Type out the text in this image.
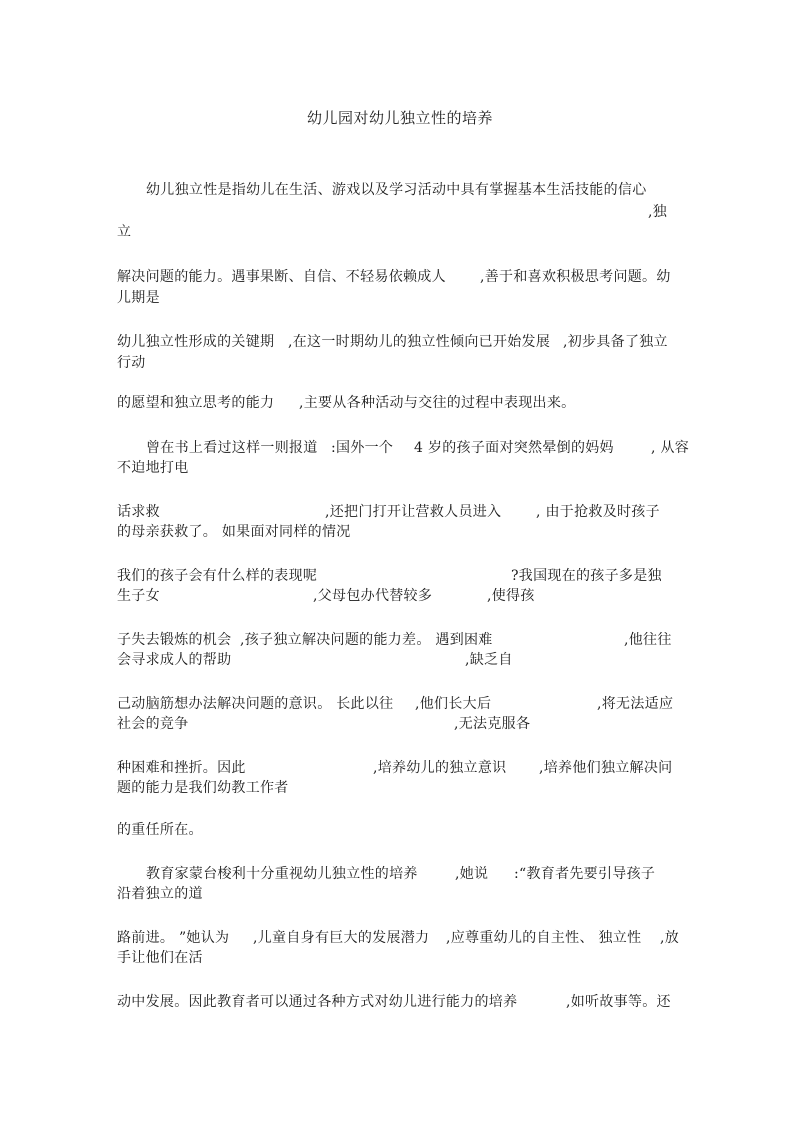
幼儿园对幼儿独立性的培养
幼儿独立性是指幼儿在生活、游戏以及学习活动中具有掌握基本生活技能的信心
,独
立
解决问题的能力。遇事果断、自信、不轻易依赖成人 ,善于和喜欢积极思考问题。幼
儿期是
幼儿独立性形成的关键期 ,在这一时期幼儿的独立性倾向已开始发展 ,初步具备了独立
行动
的愿望和独立思考的能力 ,主要从各种活动与交往的过程中表现出来。
曾在书上看过这样一则报道 :国外一个 4 岁的孩子面对突然晕倒的妈妈	, 从容
不迫地打电
话求救	,还把门打开让营救人员进入 , 由于抢救及时孩子
的母亲获救了。 如果面对同样的情况
我们的孩子会有什么样的表现呢	?我国现在的孩子多是独
生子女	,父母包办代替较多	,使得孩
子失去锻炼的机会 ,孩子独立解决问题的能力差。 遇到困难	,他往往
会寻求成人的帮助	,缺乏自
己动脑筋想办法解决问题的意识。 长此以往 ,他们长大后	,将无法适应
社会的竞争	,无法克服各
种困难和挫折。因此	,培养幼儿的独立意识 ,培养他们独立解决问
题的能力是我们幼教工作者
的重任所在。
教育家蒙台梭利十分重视幼儿独立性的培养	,她说 :“教育者先要引导孩子
沿着独立的道
路前进。 ”她认为 ,儿童自身有巨大的发展潜力 ,应尊重幼儿的自主性、 独立性 ,放
手让他们在活
动中发展。因此教育者可以通过各种方式对幼儿进行能力的培养	,如听故事等。还
